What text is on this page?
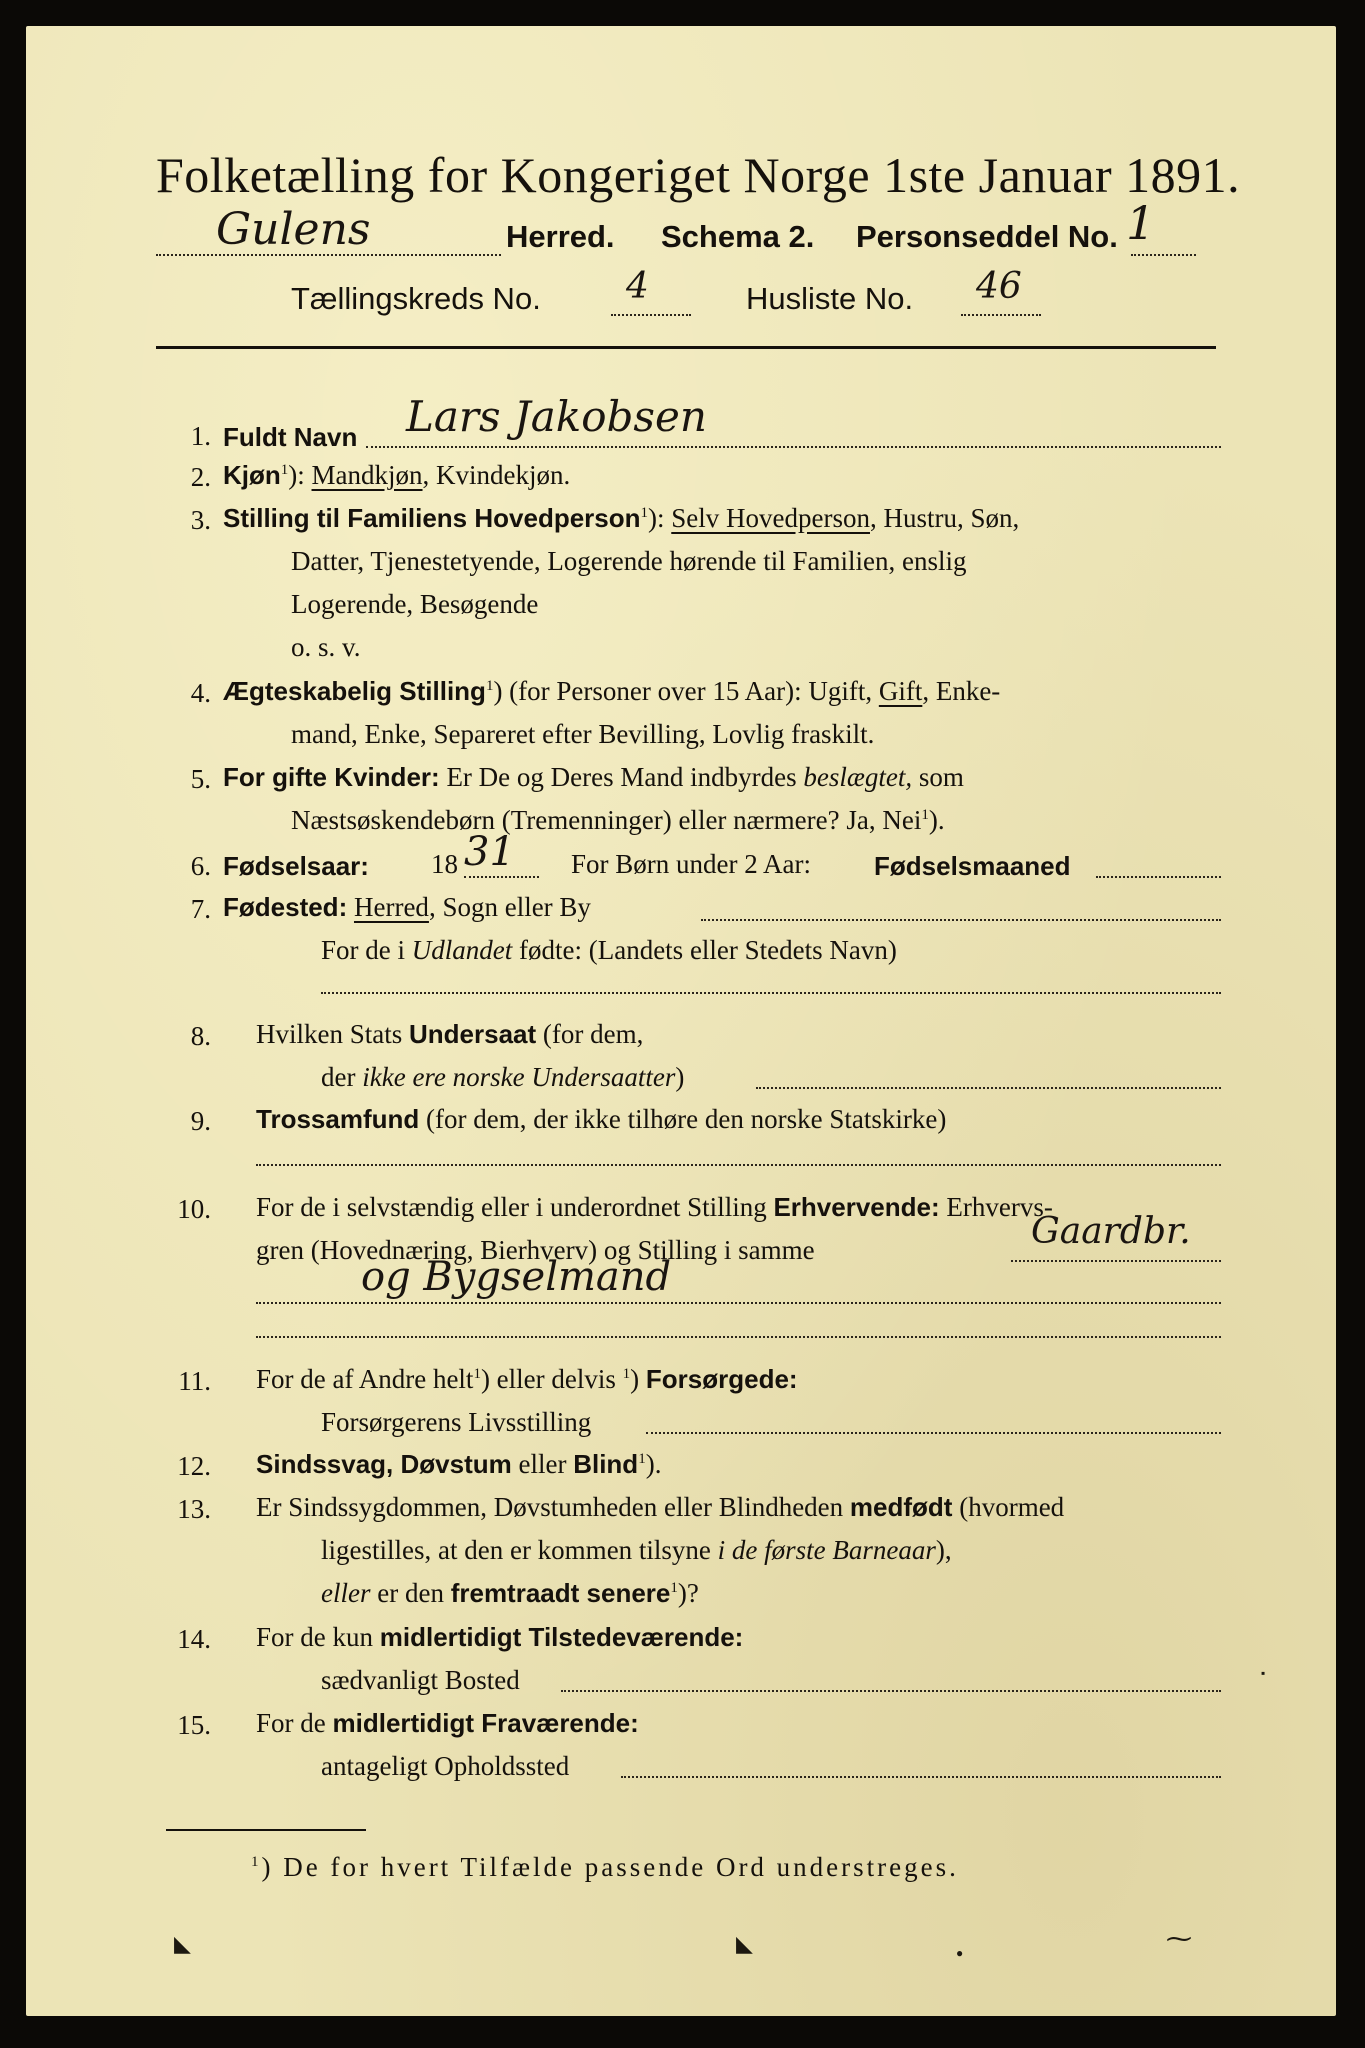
Folketælling for Kongeriget Norge 1ste Januar 1891.
Gulens	Herred. Schema 2. Personseddel No. 1
Tællingskreds No. 4	Husliste No. 46
1. Fuldt Navn Lars Jakobsen
2. Kjøn$^1$): Mandkjøn, Kvindekjøn.
3. Stilling til Familiens Hovedperson$^1$): Selv Hovedperson, Hustru, Søn,
Datter, Tjenestetyende, Logerende hørende til Familien, enslig
Logerende, Besøgende
o. s. v.
4. Ægteskabelig Stilling$^1$) (for Personer over 15 Aar): Ugift, Gift, Enke-
mand, Enke, Separeret efter Bevilling, Lovlig fraskilt.
5. For gifte Kvinder: Er De og Deres Mand indbyrdes beslægtet, som
Næstsøskendebørn (Tremenninger) eller nærmere? Ja, Nei$^1$).
6. Fødselsaar: 18 31 For Børn under 2 Aar: Fødselsmaaned
7. Fødested: Herred, Sogn eller By
For de i Udlandet fødte: (Landets eller Stedets Navn)
8. Hvilken Stats Undersaat (for dem,
der ikke ere norske Undersaatter)
9. Trossamfund (for dem, der ikke tilhøre den norske Statskirke)
10. For de i selvstændig eller i underordnet Stilling Erhvervende: Erhvervs-
gren (Hovednæring, Bierhverv) og Stilling i samme	Gaardbr.
og Bygselmand
11. For de af Andre helt$^1$) eller delvis $^1$) Forsørgede:
Forsørgerens Livsstilling
12. Sindssvag, Døvstum eller Blind$^1$).
13. Er Sindssygdommen, Døvstumheden eller Blindheden medfødt (hvormed
ligestilles, at den er kommen tilsyne i de første Barneaar),
eller er den fremtraadt senere$^1$)?
14. For de kun midlertidigt Tilstedeværende:
sædvanligt Bosted
15. For de midlertidigt Fraværende:
antageligt Opholdssted
$^1$) De for hvert Tilfælde passende Ord understreges.
◣	◣	●	⁓
▪
